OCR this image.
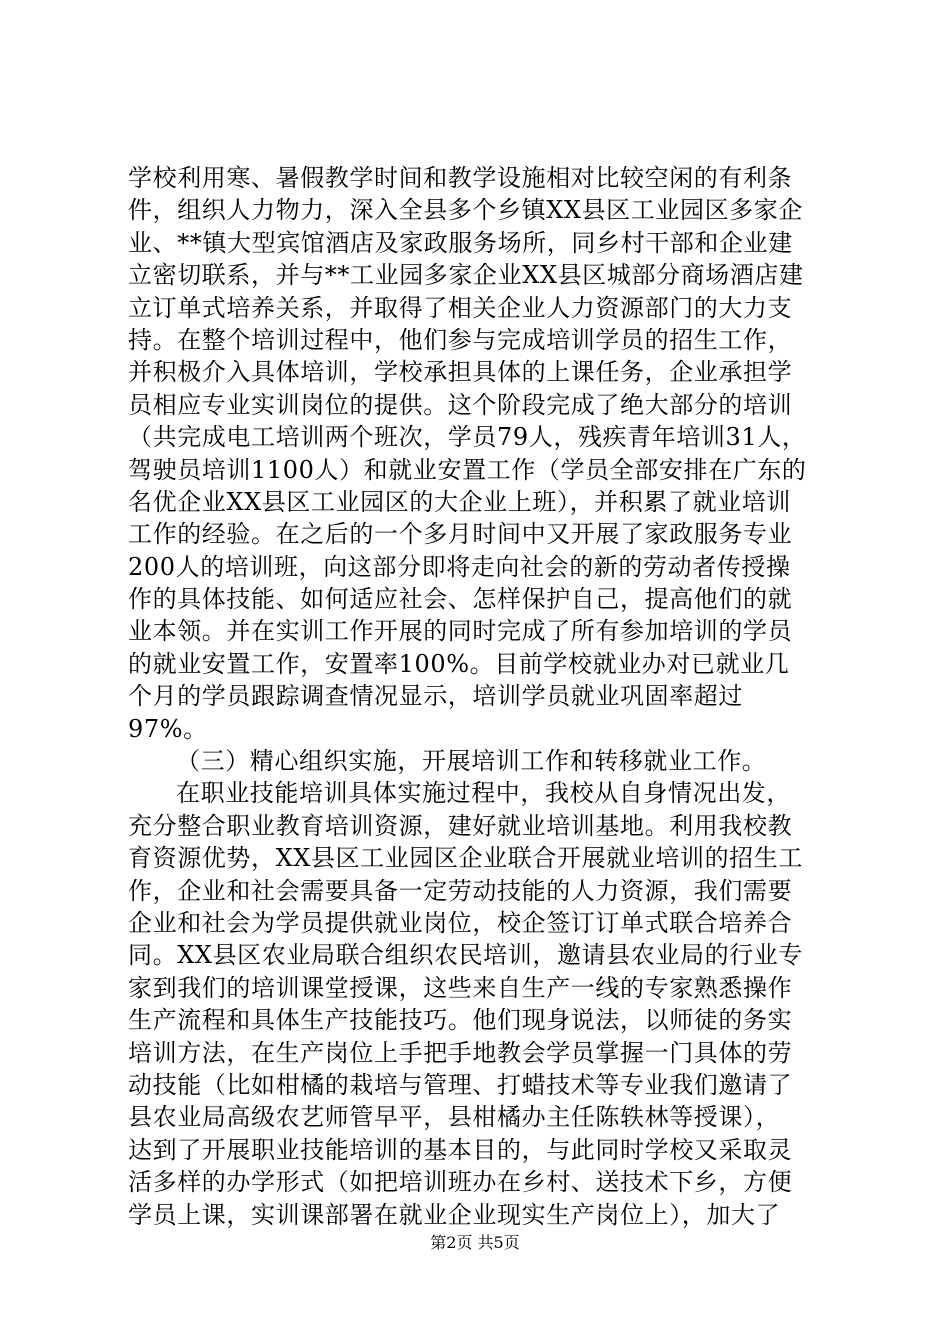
学校利用寒、暑假教学时间和教学设施相对比较空闲的有利条
件，组织人力物力，深入全县多个乡镇XX县区工业园区多家企
业、**镇大型宾馆酒店及家政服务场所，同乡村干部和企业建
立密切联系，并与**工业园多家企业XX县区城部分商场酒店建
立订单式培养关系，并取得了相关企业人力资源部门的大力支
持。在整个培训过程中，他们参与完成培训学员的招生工作，
并积极介入具体培训，学校承担具体的上课任务，企业承担学
员相应专业实训岗位的提供。这个阶段完成了绝大部分的培训
（共完成电工培训两个班次，学员79人，残疾青年培训31人，
驾驶员培训1100人）和就业安置工作（学员全部安排在广东的
名优企业XX县区工业园区的大企业上班），并积累了就业培训
工作的经验。在之后的一个多月时间中又开展了家政服务专业
200人的培训班，向这部分即将走向社会的新的劳动者传授操
作的具体技能、如何适应社会、怎样保护自己，提高他们的就
业本领。并在实训工作开展的同时完成了所有参加培训的学员
的就业安置工作，安置率100%。目前学校就业办对已就业几
个月的学员跟踪调查情况显示，培训学员就业巩固率超过
97%。
（三）精心组织实施，开展培训工作和转移就业工作。
在职业技能培训具体实施过程中，我校从自身情况出发，
充分整合职业教育培训资源，建好就业培训基地。利用我校教
育资源优势，XX县区工业园区企业联合开展就业培训的招生工
作，企业和社会需要具备一定劳动技能的人力资源，我们需要
企业和社会为学员提供就业岗位，校企签订订单式联合培养合
同。XX县区农业局联合组织农民培训，邀请县农业局的行业专
家到我们的培训课堂授课，这些来自生产一线的专家熟悉操作
生产流程和具体生产技能技巧。他们现身说法，以师徒的务实
培训方法，在生产岗位上手把手地教会学员掌握一门具体的劳
动技能（比如柑橘的栽培与管理、打蜡技术等专业我们邀请了
县农业局高级农艺师管早平，县柑橘办主任陈轶林等授课），
达到了开展职业技能培训的基本目的，与此同时学校又采取灵
活多样的办学形式（如把培训班办在乡村、送技术下乡，方便
学员上课，实训课部署在就业企业现实生产岗位上），加大了
第2页 共5页
